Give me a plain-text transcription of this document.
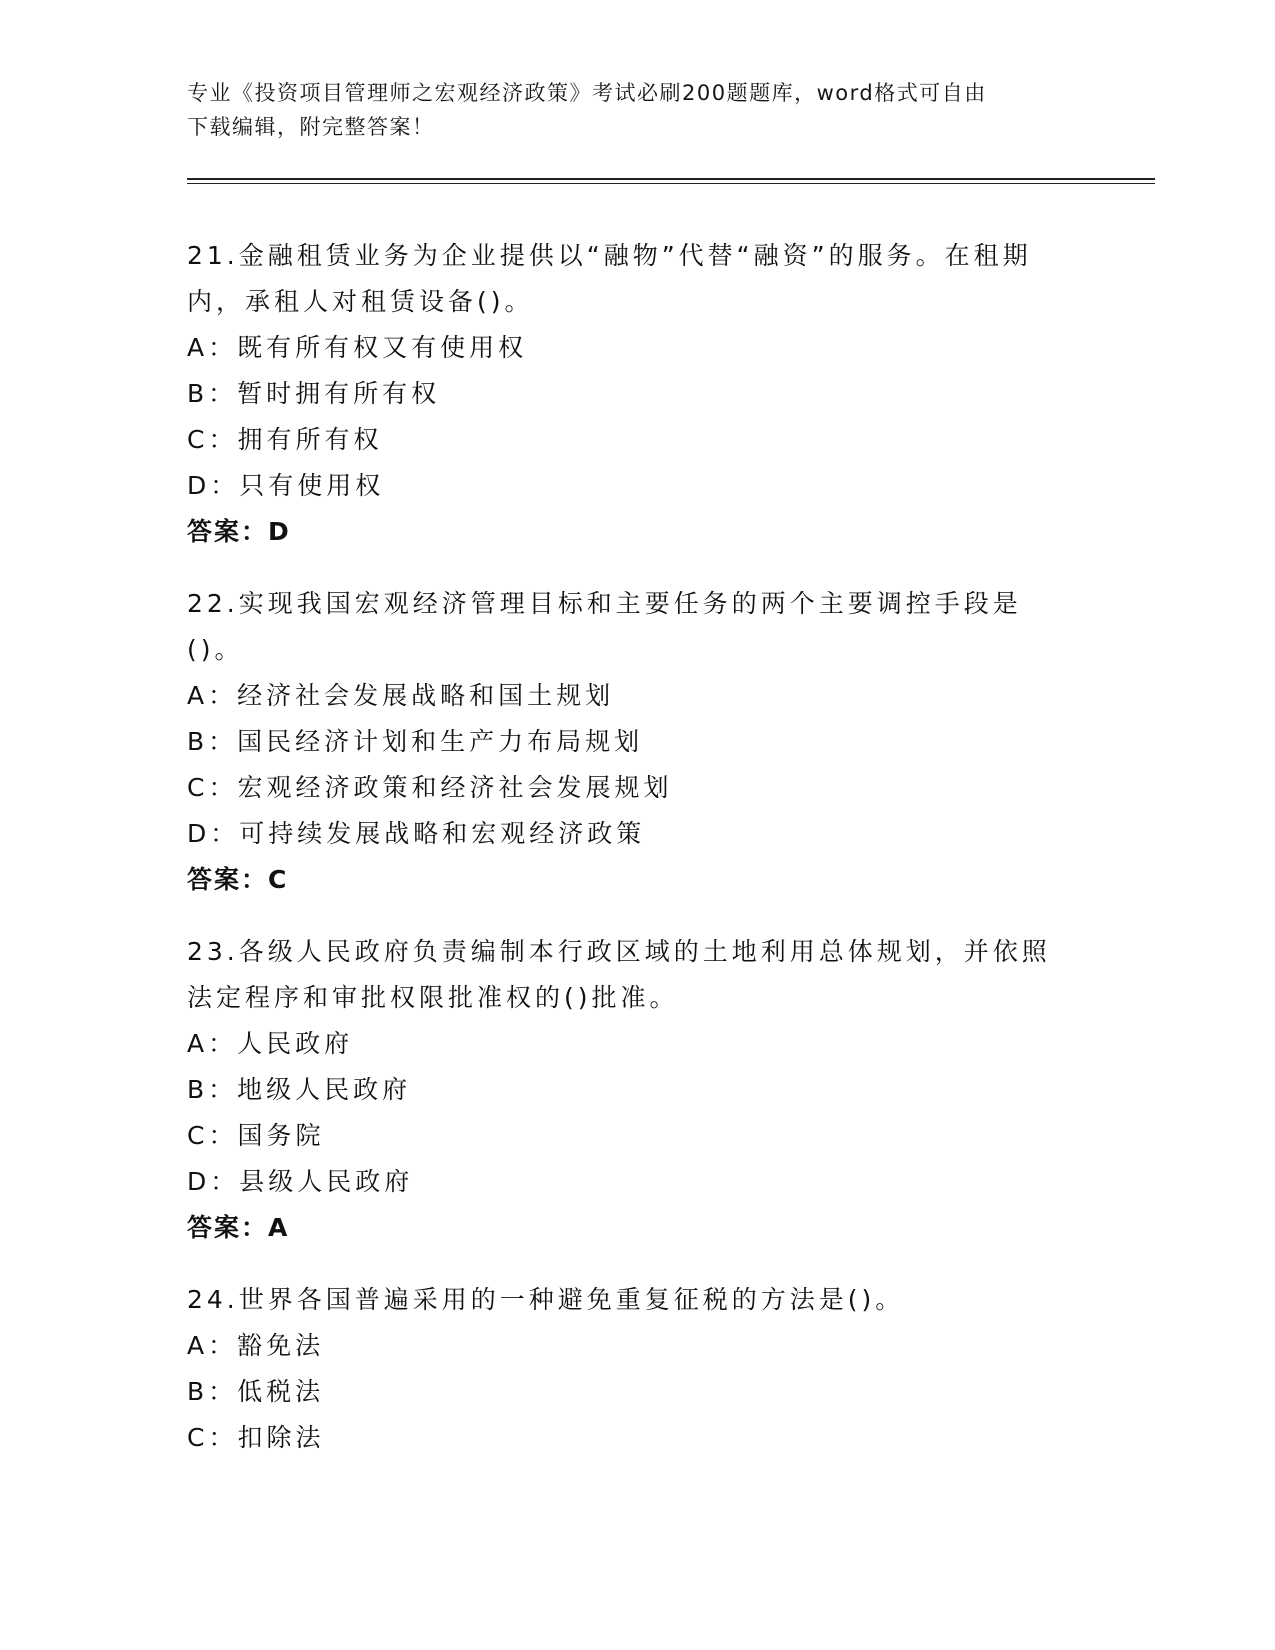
专业《投资项目管理师之宏观经济政策》考试必刷200题题库，word格式可自由
下载编辑，附完整答案！
21.金融租赁业务为企业提供以“融物”代替“融资”的服务。在租期内，承租人对租赁设备()。
A：既有所有权又有使用权
B：暂时拥有所有权
C：拥有所有权
D：只有使用权
答案：D
22.实现我国宏观经济管理目标和主要任务的两个主要调控手段是()。
A：经济社会发展战略和国土规划
B：国民经济计划和生产力布局规划
C：宏观经济政策和经济社会发展规划
D：可持续发展战略和宏观经济政策
答案：C
23.各级人民政府负责编制本行政区域的土地利用总体规划，并依照法定程序和审批权限批准权的()批准。
A：人民政府
B：地级人民政府
C：国务院
D：县级人民政府
答案：A
24.世界各国普遍采用的一种避免重复征税的方法是()。
A：豁免法
B：低税法
C：扣除法
